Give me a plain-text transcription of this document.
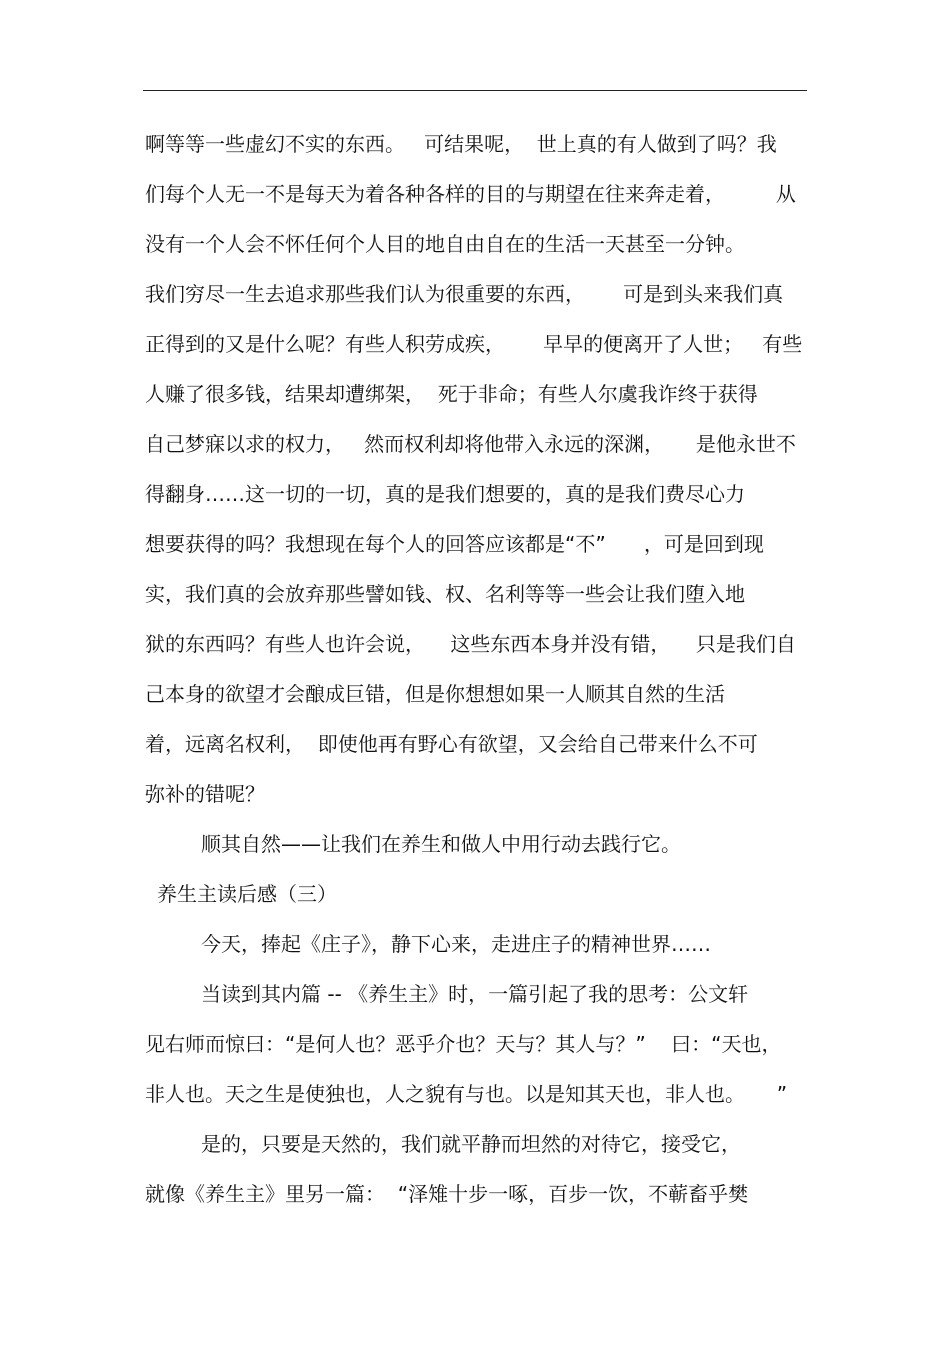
啊等等一些虚幻不实的东西。   可结果呢，  世上真的有人做到了吗？我
们每个人无一不是每天为着各种各样的目的与期望在往来奔走着，        从
没有一个人会不怀任何个人目的地自由自在的生活一天甚至一分钟。
我们穷尽一生去追求那些我们认为很重要的东西，      可是到头来我们真
正得到的又是什么呢？有些人积劳成疾，      早早的便离开了人世；   有些
人赚了很多钱，结果却遭绑架，  死于非命；有些人尔虞我诈终于获得
自己梦寐以求的权力，   然而权利却将他带入永远的深渊，     是他永世不
得翻身……这一切的一切，真的是我们想要的，真的是我们费尽心力
想要获得的吗？我想现在每个人的回答应该都是“不”      ，可是回到现
实，我们真的会放弃那些譬如钱、权、名利等等一些会让我们堕入地
狱的东西吗？有些人也许会说，    这些东西本身并没有错，    只是我们自
己本身的欲望才会酿成巨错，但是你想想如果一人顺其自然的生活
着，远离名权利，  即使他再有野心有欲望，又会给自己带来什么不可
弥补的错呢？
顺其自然——让我们在养生和做人中用行动去践行它。
养生主读后感（三）
今天，捧起《庄子》，静下心来，走进庄子的精神世界……
当读到其内篇 -- 《养生主》时，一篇引起了我的思考：公文轩
见右师而惊曰：“是何人也？恶乎介也？天与？其人与？”    曰：“天也，
非人也。天之生是使独也，人之貌有与也。以是知其天也，非人也。     ”
是的，只要是天然的，我们就平静而坦然的对待它，接受它，
就像《养生主》里另一篇：  “泽雉十步一啄，百步一饮，不蕲畜乎樊
